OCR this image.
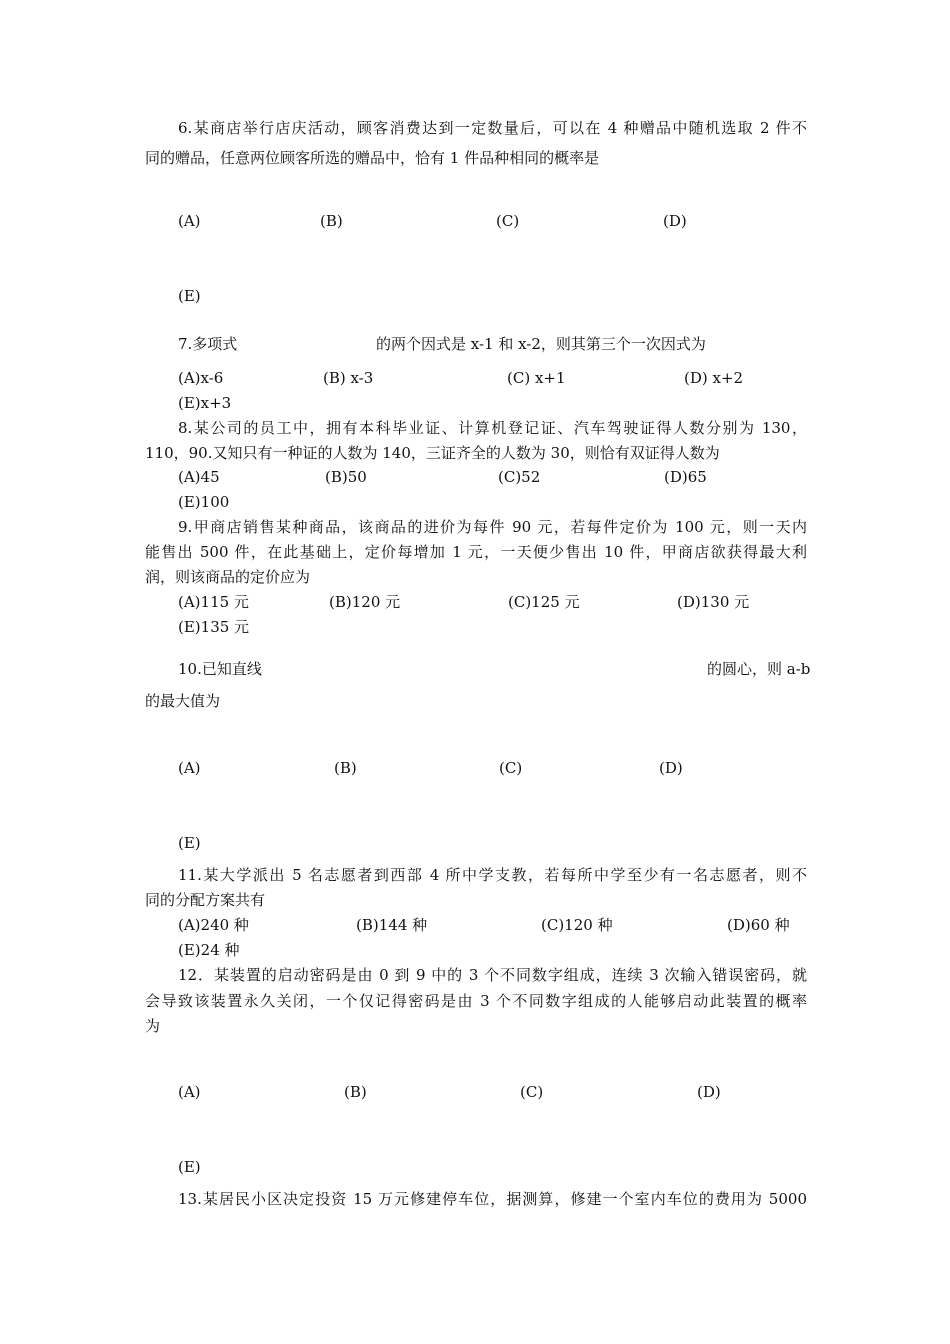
6.某商店举行店庆活动，顾客消费达到一定数量后，可以在 4 种赠品中随机选取 2 件不
同的赠品，任意两位顾客所选的赠品中，恰有 1 件品种相同的概率是
(A)	(B)	(C)	(D)
(E)
7.多项式	的两个因式是 x-1 和 x-2，则其第三个一次因式为
(A)x-6	(B) x-3	(C) x+1	(D) x+2
(E)x+3
8.某公司的员工中，拥有本科毕业证、计算机登记证、汽车驾驶证得人数分别为 130，
110，90.又知只有一种证的人数为 140，三证齐全的人数为 30，则恰有双证得人数为
(A)45	(B)50	(C)52	(D)65
(E)100
9.甲商店销售某种商品，该商品的进价为每件 90 元，若每件定价为 100 元，则一天内
能售出 500 件，在此基础上，定价每增加 1 元，一天便少售出 10 件，甲商店欲获得最大利
润，则该商品的定价应为
(A)115 元	(B)120 元	(C)125 元	(D)130 元
(E)135 元
10.已知直线	的圆心，则 a-b
的最大值为
(A)	(B)	(C)	(D)
(E)
11.某大学派出 5 名志愿者到西部 4 所中学支教，若每所中学至少有一名志愿者，则不
同的分配方案共有
(A)240 种	(B)144 种	(C)120 种	(D)60 种
(E)24 种
12．某装置的启动密码是由 0 到 9 中的 3 个不同数字组成，连续 3 次输入错误密码，就
会导致该装置永久关闭，一个仅记得密码是由 3 个不同数字组成的人能够启动此装置的概率
为
(A)	(B)	(C)	(D)
(E)
13.某居民小区决定投资 15 万元修建停车位，据测算，修建一个室内车位的费用为 5000
